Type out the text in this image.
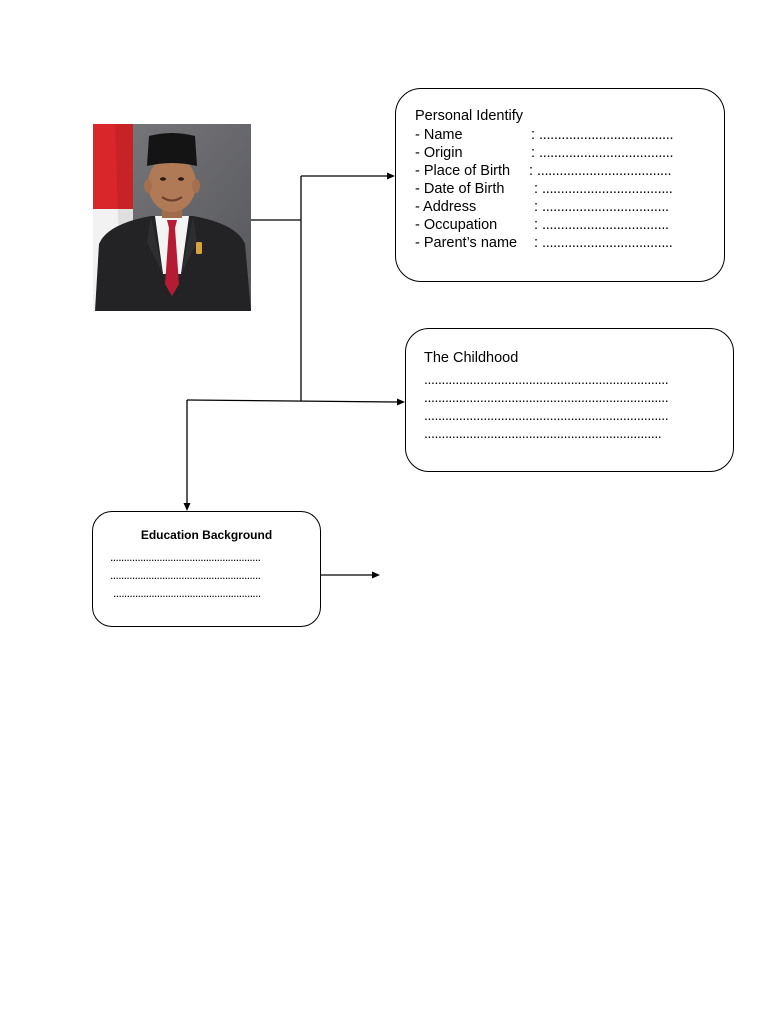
Personal Identify
- Name	: ....................................
- Origin	: ....................................
- Place of Birth : ....................................
- Date of Birth : ...................................
- Address	: ..................................
- Occupation	: ..................................
- Parent’s name : ...................................
The Childhood
......................................................................
......................................................................
......................................................................
....................................................................
Education Background
.......................................................
.......................................................
......................................................
